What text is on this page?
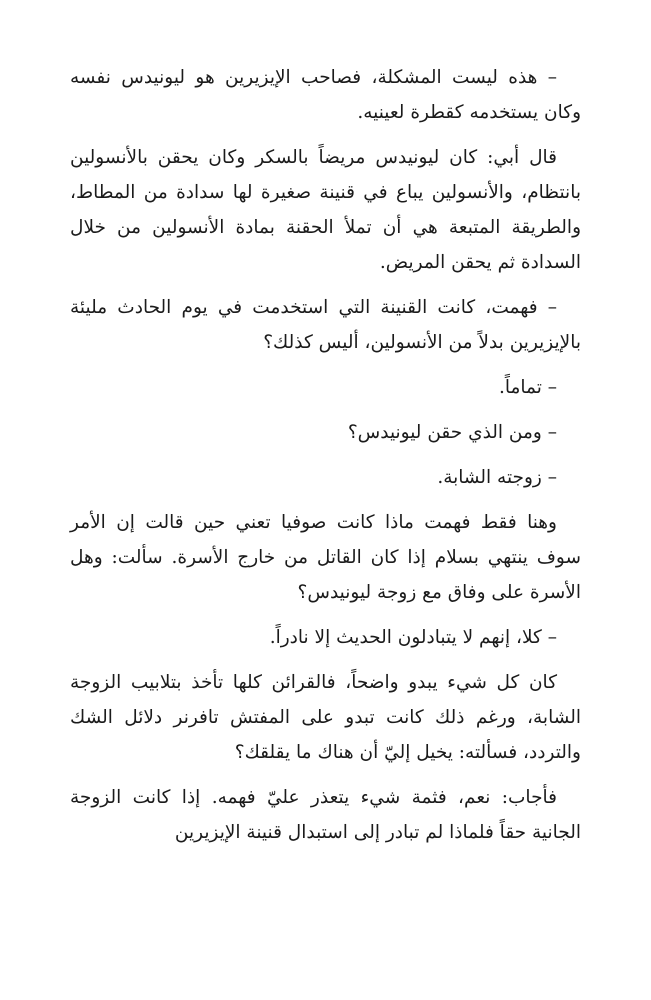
– هذه ليست المشكلة، فصاحب الإيزيرين هو ليونيدس نفسه وكان يستخدمه كقطرة لعينيه.

قال أبي: كان ليونيدس مريضاً بالسكر وكان يحقن بالأنسولين بانتظام، والأنسولين يباع في قنينة صغيرة لها سدادة من المطاط، والطريقة المتبعة هي أن تملأ الحقنة بمادة الأنسولين من خلال السدادة ثم يحقن المريض.

– فهمت، كانت القنينة التي استخدمت في يوم الحادث مليئة بالإيزيرين بدلاً من الأنسولين، أليس كذلك؟

– تماماً.

– ومن الذي حقن ليونيدس؟

– زوجته الشابة.

وهنا فقط فهمت ماذا كانت صوفيا تعني حين قالت إن الأمر سوف ينتهي بسلام إذا كان القاتل من خارج الأسرة. سألت: وهل الأسرة على وفاق مع زوجة ليونيدس؟

– كلا، إنهم لا يتبادلون الحديث إلا نادراً.

كان كل شيء يبدو واضحاً، فالقرائن كلها تأخذ بتلابيب الزوجة الشابة، ورغم ذلك كانت تبدو على المفتش تافرنر دلائل الشك والتردد، فسألته: يخيل إليّ أن هناك ما يقلقك؟

فأجاب: نعم، فثمة شيء يتعذر عليّ فهمه. إذا كانت الزوجة الجانية حقاً فلماذا لم تبادر إلى استبدال قنينة الإيزيرين
